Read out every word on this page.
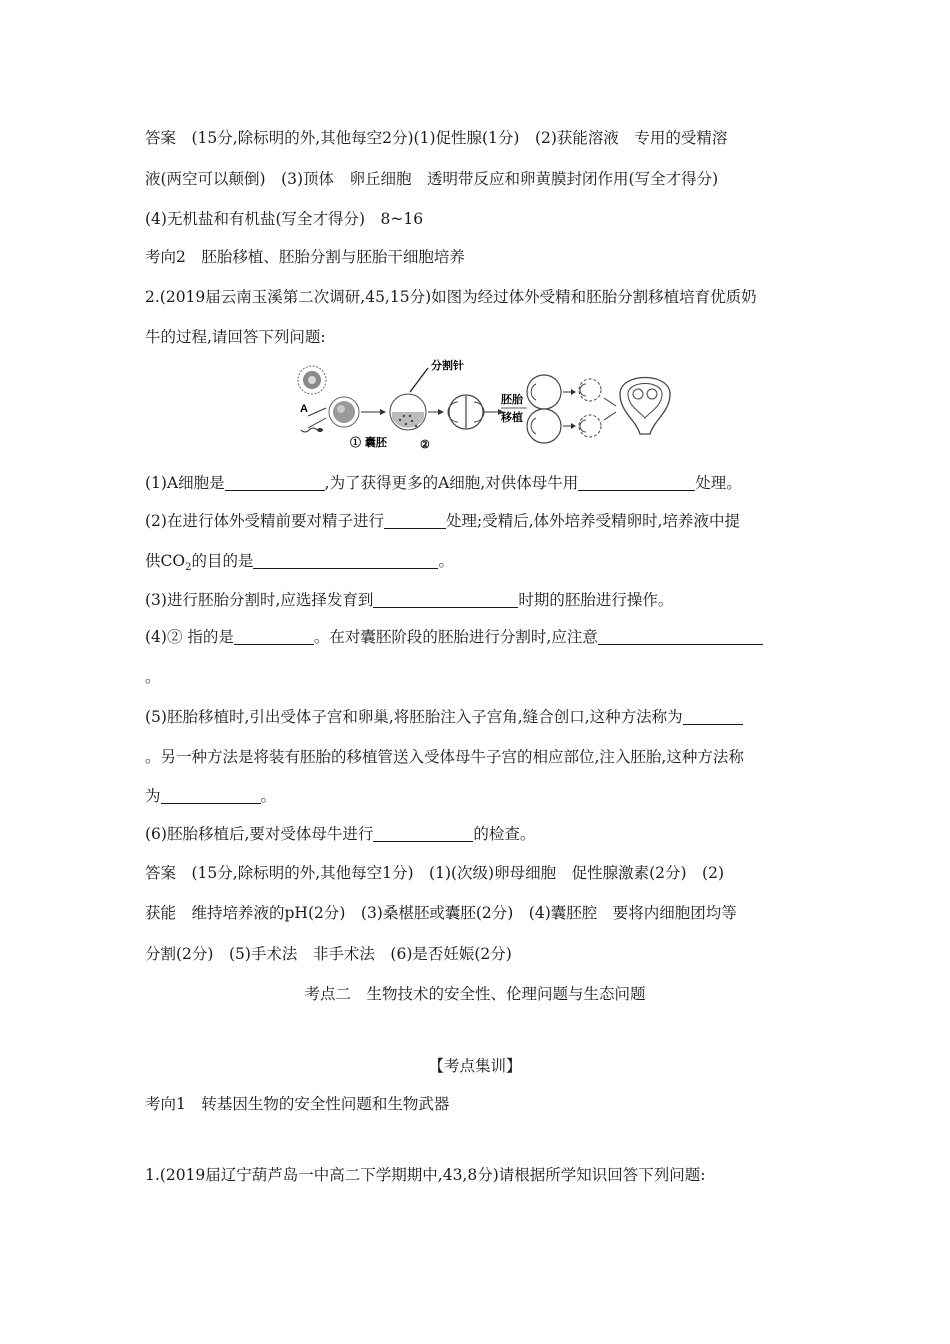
答案　(15分,除标明的外,其他每空2分)(1)促性腺(1分)　(2)获能溶液　专用的受精溶
液(两空可以颠倒)　(3)顶体　卵丘细胞　透明带反应和卵黄膜封闭作用(写全才得分)
(4)无机盐和有机盐(写全才得分)　8~16
考向2　胚胎移植、胚胎分割与胚胎干细胞培养
2.(2019届云南玉溪第二次调研,45,15分)如图为经过体外受精和胚胎分割移植培育优质奶
牛的过程,请回答下列问题:
A
分割针
① 囊胚	②
胚胎
移植
(1)A细胞是	,为了获得更多的A细胞,对供体母牛用	处理。
(2)在进行体外受精前要对精子进行	处理;受精后,体外培养受精卵时,培养液中提
供$CO_2$的目的是	。
(3)进行胚胎分割时,应选择发育到	时期的胚胎进行操作。
(4)② 指的是	。在对囊胚阶段的胚胎进行分割时,应注意
。
(5)胚胎移植时,引出受体子宫和卵巢,将胚胎注入子宫角,缝合创口,这种方法称为
。另一种方法是将装有胚胎的移植管送入受体母牛子宫的相应部位,注入胚胎,这种方法称
为	。
(6)胚胎移植后,要对受体母牛进行	的检查。
答案　(15分,除标明的外,其他每空1分)　(1)(次级)卵母细胞　促性腺激素(2分)　(2)
获能　维持培养液的pH(2分)　(3)桑椹胚或囊胚(2分)　(4)囊胚腔　要将内细胞团均等
分割(2分)　(5)手术法　非手术法　(6)是否妊娠(2分)
考点二　生物技术的安全性、伦理问题与生态问题
【考点集训】
考向1　转基因生物的安全性问题和生物武器
1.(2019届辽宁葫芦岛一中高二下学期期中,43,8分)请根据所学知识回答下列问题:
